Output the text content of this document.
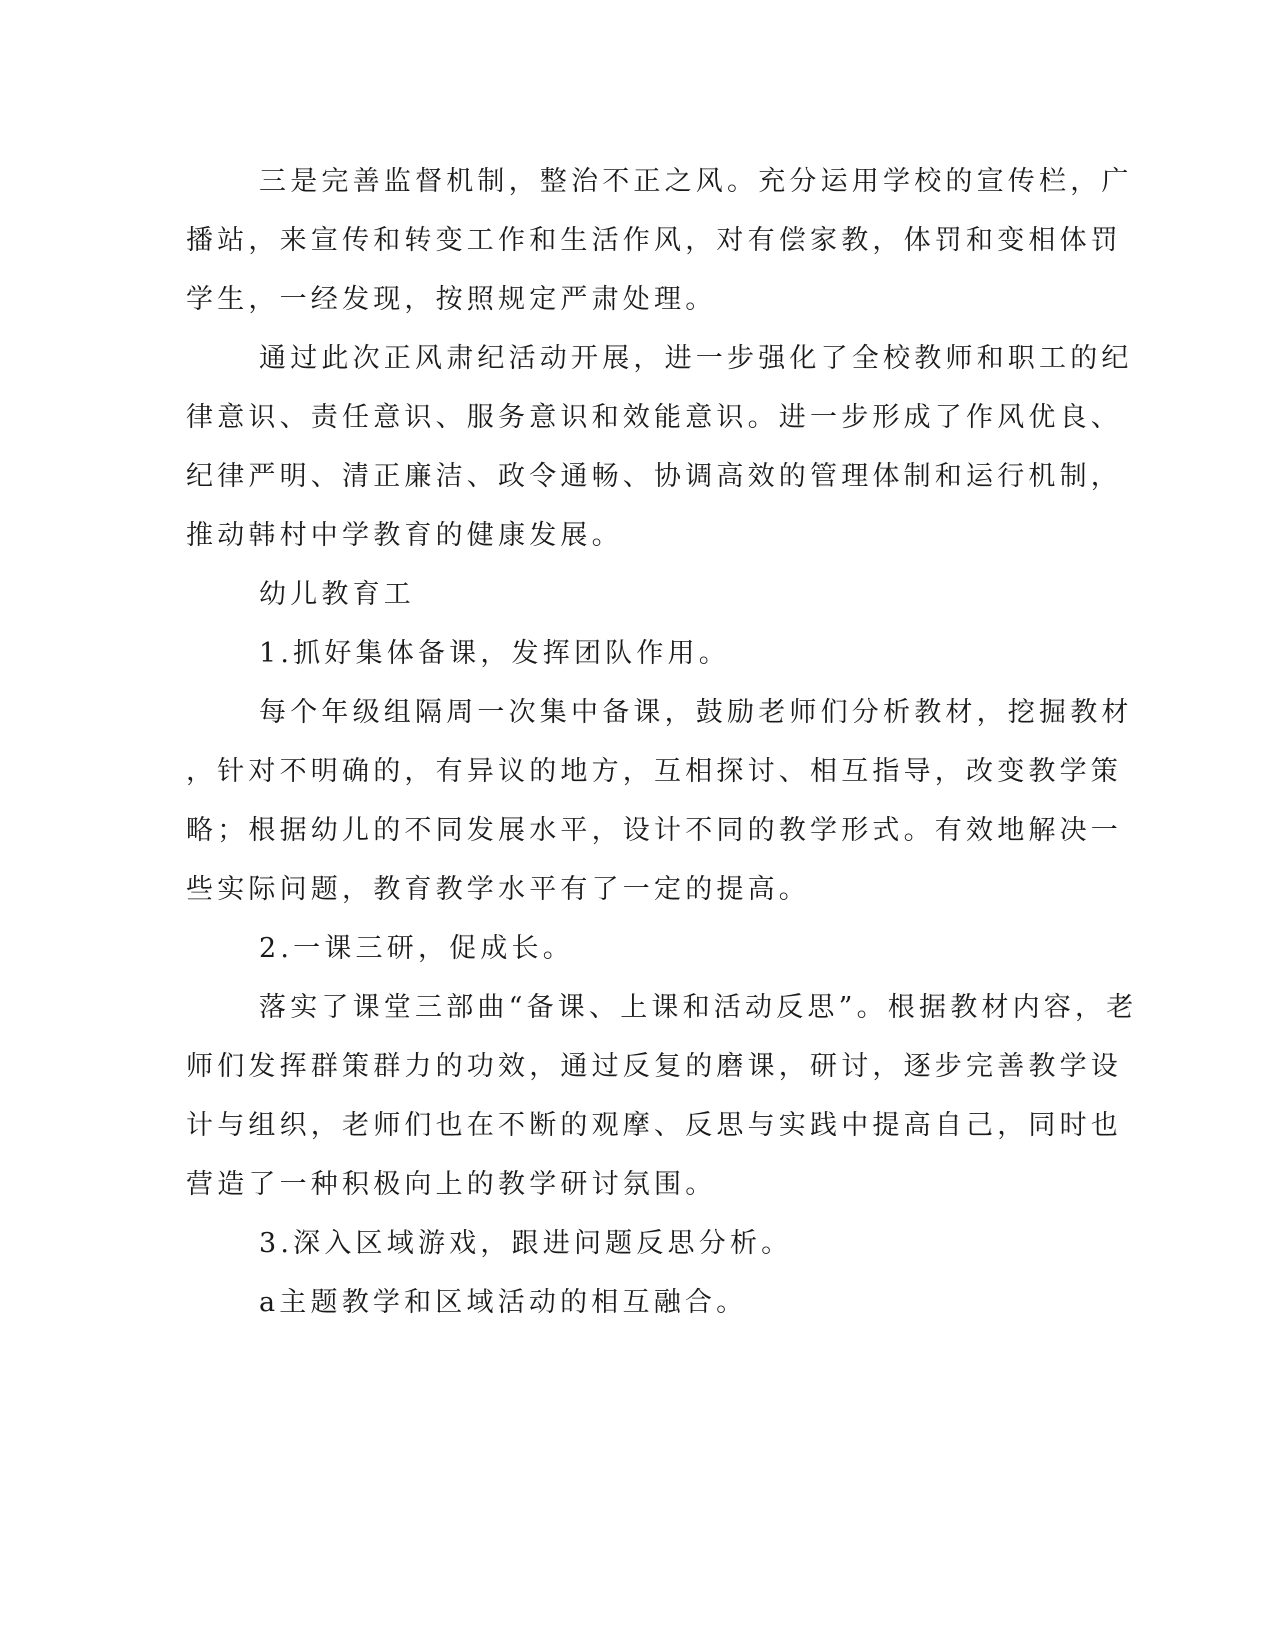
三是完善监督机制，整治不正之风。充分运用学校的宣传栏，广
播站，来宣传和转变工作和生活作风，对有偿家教，体罚和变相体罚
学生，一经发现，按照规定严肃处理。
通过此次正风肃纪活动开展，进一步强化了全校教师和职工的纪
律意识、责任意识、服务意识和效能意识。进一步形成了作风优良、
纪律严明、清正廉洁、政令通畅、协调高效的管理体制和运行机制，
推动韩村中学教育的健康发展。
幼儿教育工
1.抓好集体备课，发挥团队作用。
每个年级组隔周一次集中备课，鼓励老师们分析教材，挖掘教材
，针对不明确的，有异议的地方，互相探讨、相互指导，改变教学策
略；根据幼儿的不同发展水平，设计不同的教学形式。有效地解决一
些实际问题，教育教学水平有了一定的提高。
2.一课三研，促成长。
落实了课堂三部曲“备课、上课和活动反思”。根据教材内容，老
师们发挥群策群力的功效，通过反复的磨课，研讨，逐步完善教学设
计与组织，老师们也在不断的观摩、反思与实践中提高自己，同时也
营造了一种积极向上的教学研讨氛围。
3.深入区域游戏，跟进问题反思分析。
a主题教学和区域活动的相互融合。
